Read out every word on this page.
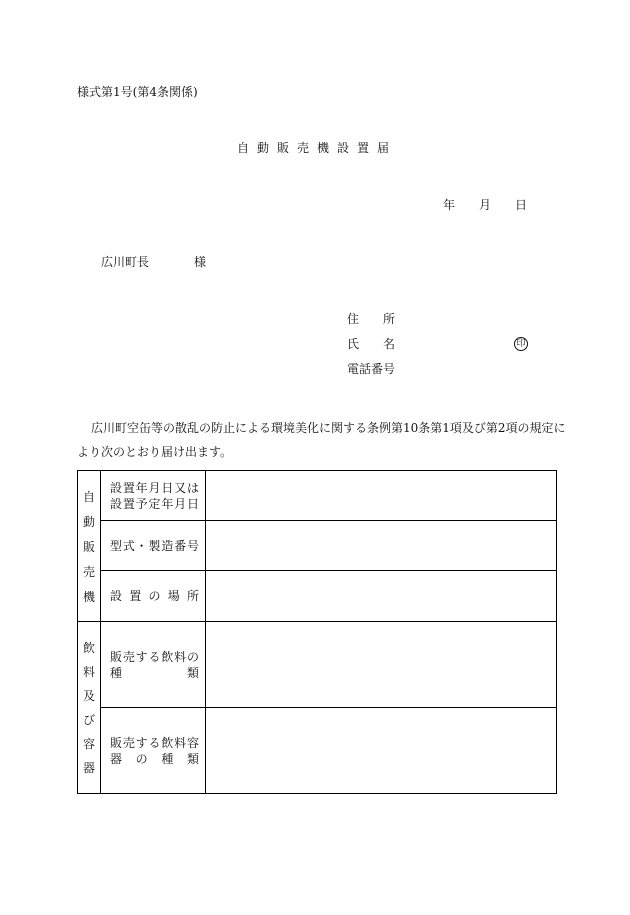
様式第1号(第4条関係)
自動販売機設置届
年 月 日
広川町長	様
住 所
氏 名	印
電話番号
広川町空缶等の散乱の防止による環境美化に関する条例第10条第1項及び第2項の規定に
より次のとおり届け出ます。
自動販売機
設置年月日又は
設置予定年月日
型式・製造番号
設 置 の 場 所
飲料及び容器
販売する飲料の
種 類
販売する飲料容
器 の 種 類
